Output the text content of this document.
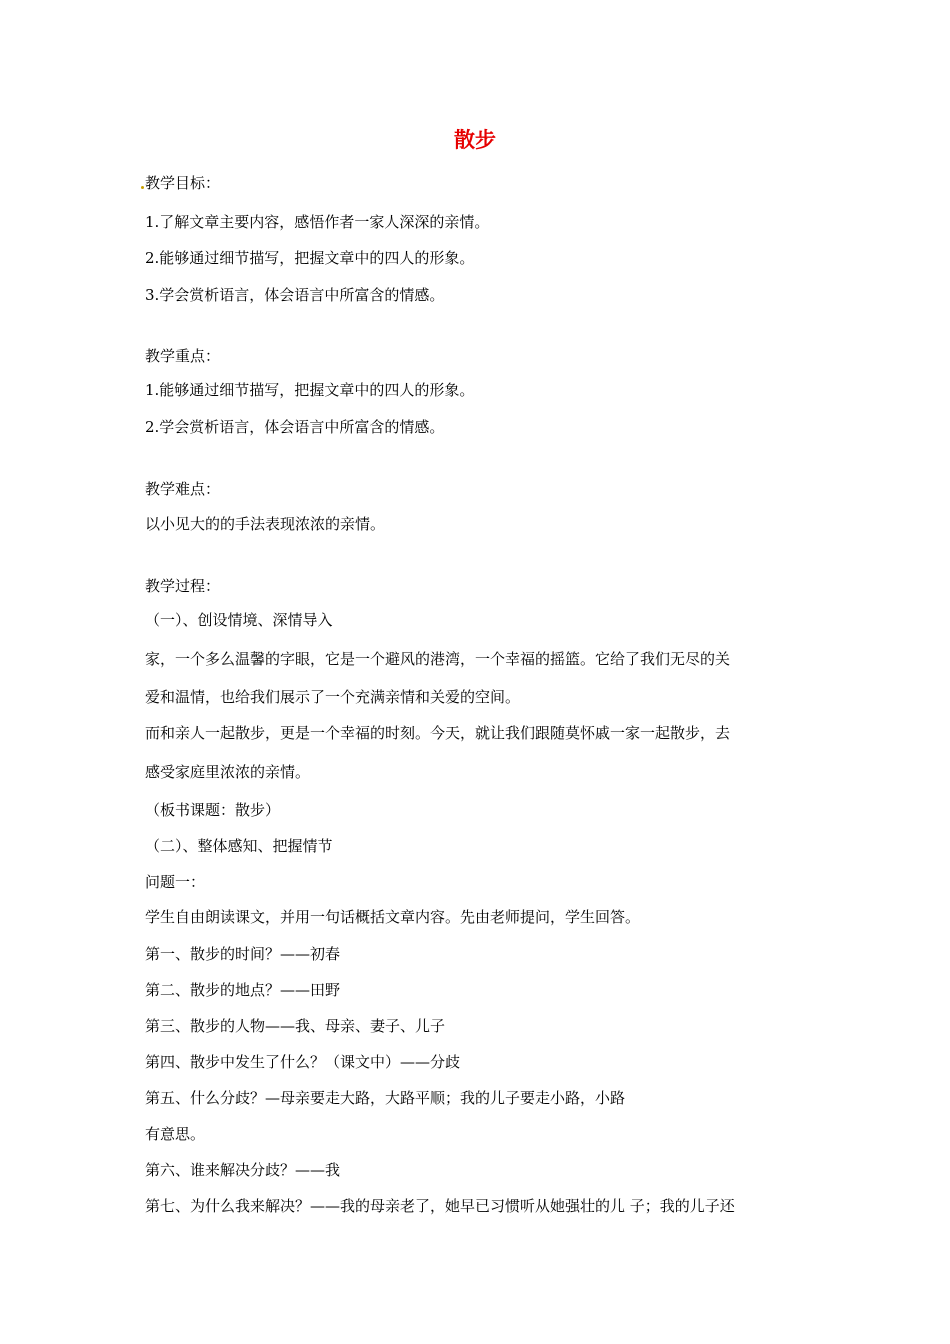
散步
教学目标：
1.了解文章主要内容，感悟作者一家人深深的亲情。
2.能够通过细节描写，把握文章中的四人的形象。
3.学会赏析语言，体会语言中所富含的情感。
教学重点：
1.能够通过细节描写，把握文章中的四人的形象。
2.学会赏析语言，体会语言中所富含的情感。
教学难点：
以小见大的的手法表现浓浓的亲情。
教学过程：
（一）、创设情境、深情导入
家，一个多么温馨的字眼，它是一个避风的港湾，一个幸福的摇篮。它给了我们无尽的关
爱和温情，也给我们展示了一个充满亲情和关爱的空间。
而和亲人一起散步，更是一个幸福的时刻。今天，就让我们跟随莫怀戚一家一起散步，去
感受家庭里浓浓的亲情。
（板书课题：散步）
（二）、整体感知、把握情节
问题一：
学生自由朗读课文，并用一句话概括文章内容。先由老师提问，学生回答。
第一、散步的时间？——初春
第二、散步的地点？——田野
第三、散步的人物——我、母亲、妻子、儿子
第四、散步中发生了什么？（课文中）——分歧
第五、什么分歧？—母亲要走大路，大路平顺；我的儿子要走小路，小路
有意思。
第六、谁来解决分歧？——我
第七、为什么我来解决？——我的母亲老了，她早已习惯听从她强壮的儿 子；我的儿子还
